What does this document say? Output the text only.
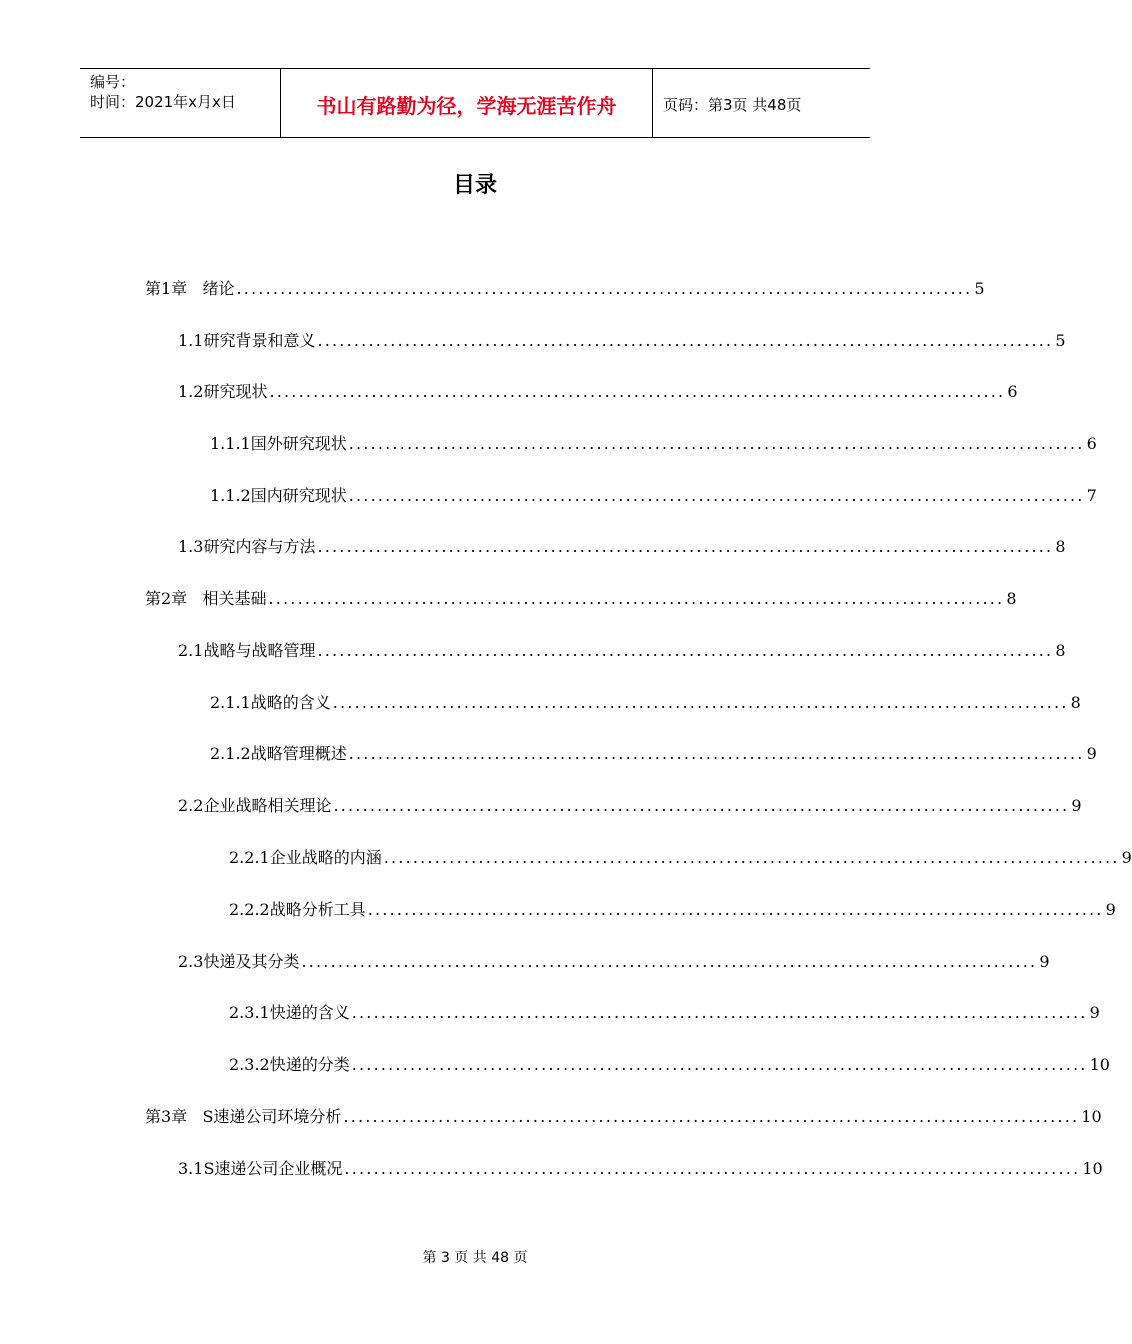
编号：
时间：2021年x月x日	书山有路勤为径，学海无涯苦作舟	页码：第3页 共48页
目录
第1章   绪论 ..................................................................................................... 5
1.1研究背景和意义 ..................................................................................................... 5
1.2研究现状 ..................................................................................................... 6
1.1.1国外研究现状 ..................................................................................................... 6
1.1.2国内研究现状 ..................................................................................................... 7
1.3研究内容与方法 ..................................................................................................... 8
第2章   相关基础 ..................................................................................................... 8
2.1战略与战略管理 ..................................................................................................... 8
2.1.1战略的含义 ..................................................................................................... 8
2.1.2战略管理概述 ..................................................................................................... 9
2.2企业战略相关理论 ..................................................................................................... 9
2.2.1企业战略的内涵 ..................................................................................................... 9
2.2.2战略分析工具 ..................................................................................................... 9
2.3快递及其分类 ..................................................................................................... 9
2.3.1快递的含义 ..................................................................................................... 9
2.3.2快递的分类 ..................................................................................................... 10
第3章   S速递公司环境分析 ..................................................................................................... 10
3.1S速递公司企业概况 ..................................................................................................... 10
第 3 页 共 48 页
